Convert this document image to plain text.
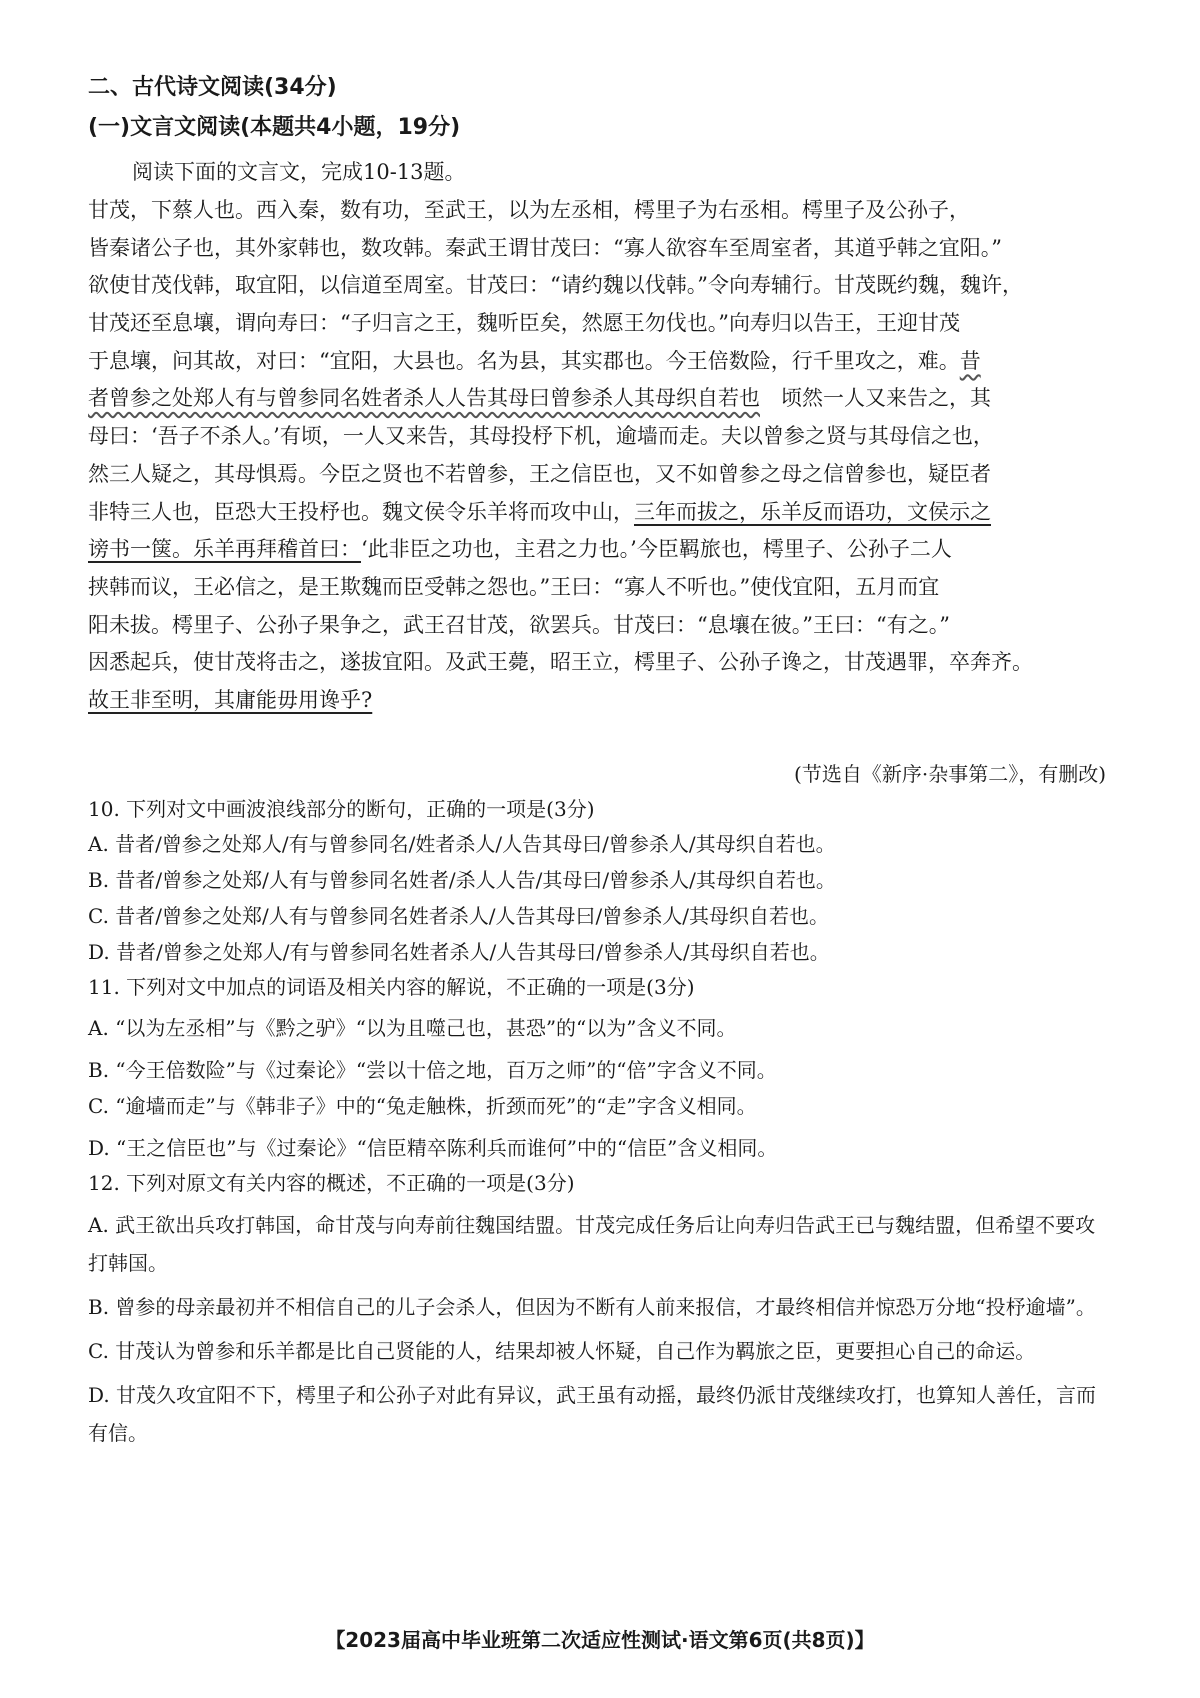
二、古代诗文阅读(34分)
(一)文言文阅读(本题共4小题，19分)
阅读下面的文言文，完成10-13题。
甘茂，下蔡人也。西入秦，数有功，至武王，以为左丞相，樗里子为右丞相。樗里子及公孙子，
皆秦诸公子也，其外家韩也，数攻韩。秦武王谓甘茂曰：“寡人欲容车至周室者，其道乎韩之宜阳。”
欲使甘茂伐韩，取宜阳，以信道至周室。甘茂曰：“请约魏以伐韩。”令向寿辅行。甘茂既约魏，魏许，
甘茂还至息壤，谓向寿曰：“子归言之王，魏听臣矣，然愿王勿伐也。”向寿归以告王，王迎甘茂
于息壤，问其故，对曰：“宜阳，大县也。名为县，其实郡也。今王倍数险，行千里攻之，难。昔
者曾参之处郑人有与曾参同名姓者杀人人告其母曰曾参杀人其母织自若也　顷然一人又来告之，其
母曰：‘吾子不杀人。’有顷，一人又来告，其母投杼下机，逾墙而走。夫以曾参之贤与其母信之也，
然三人疑之，其母惧焉。今臣之贤也不若曾参，王之信臣也，又不如曾参之母之信曾参也，疑臣者
非特三人也，臣恐大王投杼也。魏文侯令乐羊将而攻中山，三年而拔之，乐羊反而语功，文侯示之
谤书一箧。乐羊再拜稽首曰：‘此非臣之功也，主君之力也。’今臣羁旅也，樗里子、公孙子二人
挟韩而议，王必信之，是王欺魏而臣受韩之怨也。”王曰：“寡人不听也。”使伐宜阳，五月而宜
阳未拔。樗里子、公孙子果争之，武王召甘茂，欲罢兵。甘茂曰：“息壤在彼。”王曰：“有之。”
因悉起兵，使甘茂将击之，遂拔宜阳。及武王薨，昭王立，樗里子、公孙子谗之，甘茂遇罪，卒奔齐。
故王非至明，其庸能毋用谗乎?
(节选自《新序·杂事第二》，有删改)
10. 下列对文中画波浪线部分的断句，正确的一项是(3分)
A. 昔者/曾参之处郑人/有与曾参同名/姓者杀人/人告其母曰/曾参杀人/其母织自若也。
B. 昔者/曾参之处郑/人有与曾参同名姓者/杀人人告/其母曰/曾参杀人/其母织自若也。
C. 昔者/曾参之处郑/人有与曾参同名姓者杀人/人告其母曰/曾参杀人/其母织自若也。
D. 昔者/曾参之处郑人/有与曾参同名姓者杀人/人告其母曰/曾参杀人/其母织自若也。
11. 下列对文中加点的词语及相关内容的解说，不正确的一项是(3分)
A. “以为左丞相”与《黔之驴》“以为且噬己也，甚恐”的“以为”含义不同。
B. “今王倍数险”与《过秦论》“尝以十倍之地，百万之师”的“倍”字含义不同。
C. “逾墙而走”与《韩非子》中的“兔走触株，折颈而死”的“走”字含义相同。
D. “王之信臣也”与《过秦论》“信臣精卒陈利兵而谁何”中的“信臣”含义相同。
12. 下列对原文有关内容的概述，不正确的一项是(3分)
A. 武王欲出兵攻打韩国，命甘茂与向寿前往魏国结盟。甘茂完成任务后让向寿归告武王已与魏结盟，但希望不要攻打韩国。
B. 曾参的母亲最初并不相信自己的儿子会杀人，但因为不断有人前来报信，才最终相信并惊恐万分地“投杼逾墙”。
C. 甘茂认为曾参和乐羊都是比自己贤能的人，结果却被人怀疑，自己作为羁旅之臣，更要担心自己的命运。
D. 甘茂久攻宜阳不下，樗里子和公孙子对此有异议，武王虽有动摇，最终仍派甘茂继续攻打，也算知人善任，言而有信。
【2023届高中毕业班第二次适应性测试·语文第6页(共8页)】
